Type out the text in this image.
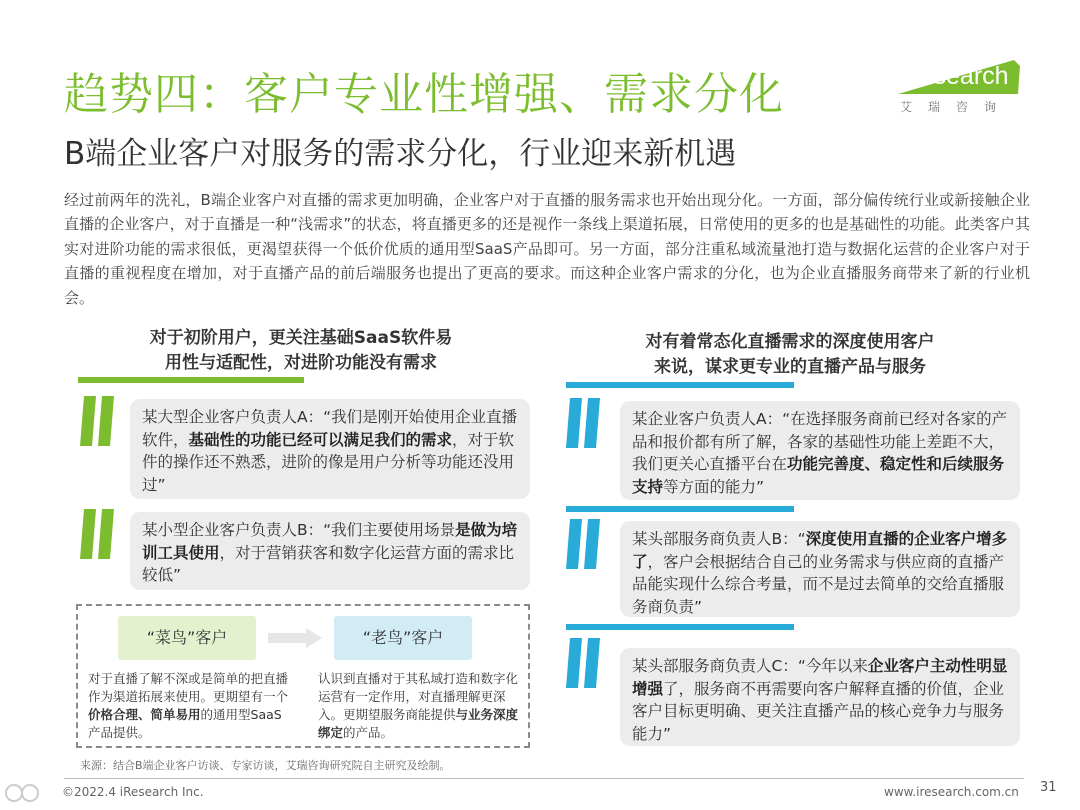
趋势四：客户专业性增强、需求分化
B端企业客户对服务的需求分化，行业迎来新机遇
iResearch
艾瑞咨询
经过前两年的洗礼，B端企业客户对直播的需求更加明确，企业客户对于直播的服务需求也开始出现分化。一方面，部分偏传统行业或新接触企业直播的企业客户，对于直播是一种“浅需求”的状态，将直播更多的还是视作一条线上渠道拓展，日常使用的更多的也是基础性的功能。此类客户其实对进阶功能的需求很低，更渴望获得一个低价优质的通用型SaaS产品即可。另一方面，部分注重私域流量池打造与数据化运营的企业客户对于直播的重视程度在增加，对于直播产品的前后端服务也提出了更高的要求。而这种企业客户需求的分化，也为企业直播服务商带来了新的行业机会。
对于初阶用户，更关注基础SaaS软件易
用性与适配性，对进阶功能没有需求
对有着常态化直播需求的深度使用客户
来说，谋求更专业的直播产品与服务
某大型企业客户负责人A：“我们是刚开始使用企业直播软件，基础性的功能已经可以满足我们的需求，对于软件的操作还不熟悉，进阶的像是用户分析等功能还没用过”
某小型企业客户负责人B：“我们主要使用场景是做为培训工具使用，对于营销获客和数字化运营方面的需求比较低”
“菜鸟”客户	“老鸟”客户
对于直播了解不深或是简单的把直播作为渠道拓展来使用。更期望有一个价格合理、简单易用的通用型SaaS产品提供。
认识到直播对于其私域打造和数字化运营有一定作用，对直播理解更深入。更期望服务商能提供与业务深度绑定的产品。
某企业客户负责人A：“在选择服务商前已经对各家的产品和报价都有所了解，各家的基础性功能上差距不大，我们更关心直播平台在功能完善度、稳定性和后续服务支持等方面的能力”
某头部服务商负责人B：“深度使用直播的企业客户增多了，客户会根据结合自己的业务需求与供应商的直播产品能实现什么综合考量，而不是过去简单的交给直播服务商负责”
某头部服务商负责人C：“今年以来企业客户主动性明显增强了，服务商不再需要向客户解释直播的价值，企业客户目标更明确、更关注直播产品的核心竞争力与服务能力”
来源：结合B端企业客户访谈、专家访谈，艾瑞咨询研究院自主研究及绘制。
©2022.4 iResearch Inc.	www.iresearch.com.cn 31
